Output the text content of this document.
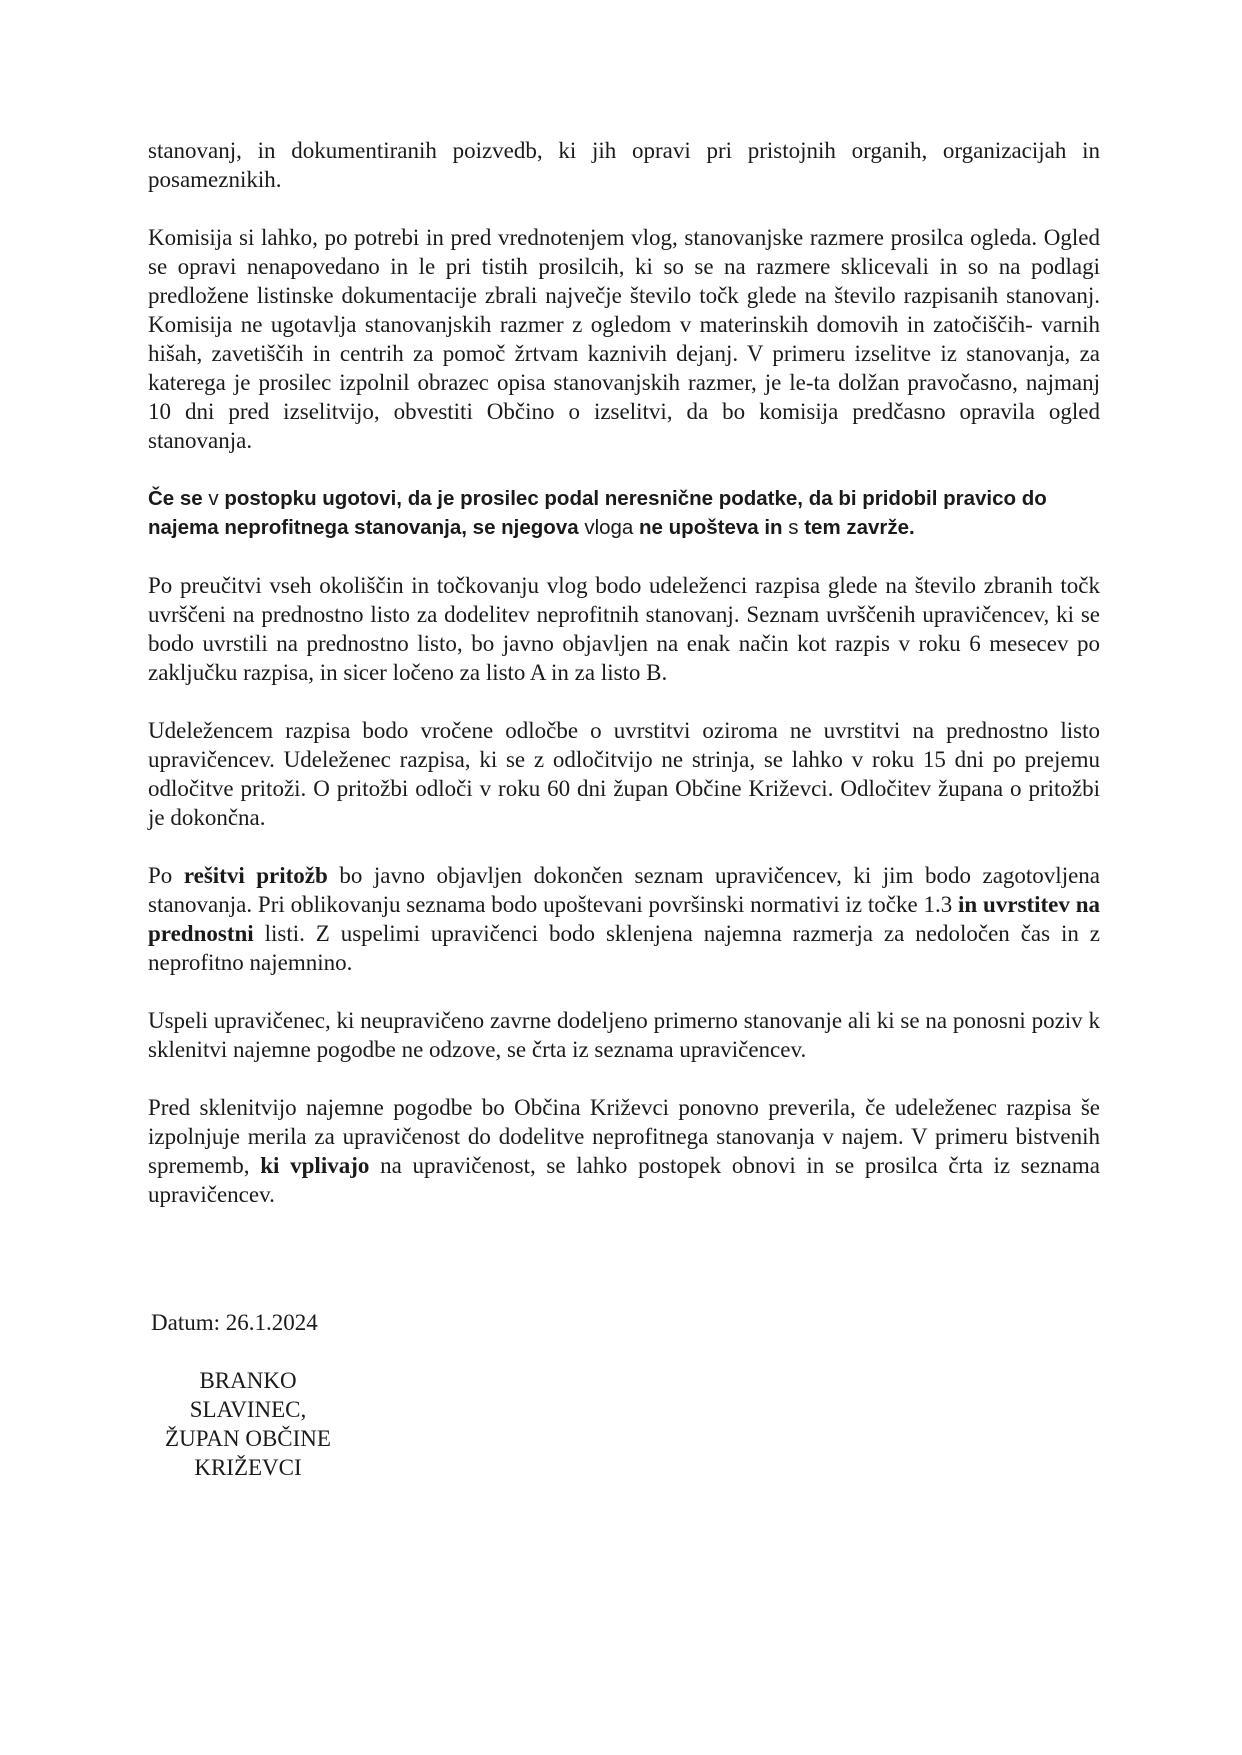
stanovanj, in dokumentiranih poizvedb, ki jih opravi pri pristojnih organih, organizacijah in posameznikih.

Komisija si lahko, po potrebi in pred vrednotenjem vlog, stanovanjske razmere prosilca ogleda. Ogled se opravi nenapovedano in le pri tistih prosilcih, ki so se na razmere sklicevali in so na podlagi predložene listinske dokumentacije zbrali največje število točk glede na število razpisanih stanovanj. Komisija ne ugotavlja stanovanjskih razmer z ogledom v materinskih domovih in zatočiščih- varnih hišah, zavetiščih in centrih za pomoč žrtvam kaznivih dejanj. V primeru izselitve iz stanovanja, za katerega je prosilec izpolnil obrazec opisa stanovanjskih razmer, je le-ta dolžan pravočasno, najmanj 10 dni pred izselitvijo, obvestiti Občino o izselitvi, da bo komisija predčasno opravila ogled stanovanja.

Če se v postopku ugotovi, da je prosilec podal neresnične podatke, da bi pridobil pravico do najema neprofitnega stanovanja, se njegova vloga ne upošteva in s tem zavrže.

Po preučitvi vseh okoliščin in točkovanju vlog bodo udeleženci razpisa glede na število zbranih točk uvrščeni na prednostno listo za dodelitev neprofitnih stanovanj. Seznam uvrščenih upravičencev, ki se bodo uvrstili na prednostno listo, bo javno objavljen na enak način kot razpis v roku 6 mesecev po zaključku razpisa, in sicer ločeno za listo A in za listo B.

Udeležencem razpisa bodo vročene odločbe o uvrstitvi oziroma ne uvrstitvi na prednostno listo upravičencev. Udeleženec razpisa, ki se z odločitvijo ne strinja, se lahko v roku 15 dni po prejemu odločitve pritoži. O pritožbi odloči v roku 60 dni župan Občine Križevci. Odločitev župana o pritožbi je dokončna.

Po rešitvi pritožb bo javno objavljen dokončen seznam upravičencev, ki jim bodo zagotovljena stanovanja. Pri oblikovanju seznama bodo upoštevani površinski normativi iz točke 1.3 in uvrstitev na prednostni listi. Z uspelimi upravičenci bodo sklenjena najemna razmerja za nedoločen čas in z neprofitno najemnino.

Uspeli upravičenec, ki neupravičeno zavrne dodeljeno primerno stanovanje ali ki se na ponosni poziv k sklenitvi najemne pogodbe ne odzove, se črta iz seznama upravičencev.

Pred sklenitvijo najemne pogodbe bo Občina Križevci ponovno preverila, če udeleženec razpisa še izpolnjuje merila za upravičenost do dodelitve neprofitnega stanovanja v najem. V primeru bistvenih sprememb, ki vplivajo na upravičenost, se lahko postopek obnovi in se prosilca črta iz seznama upravičencev.

Datum: 26.1.2024

BRANKO
SLAVINEC,
ŽUPAN OBČINE
KRIŽEVCI
